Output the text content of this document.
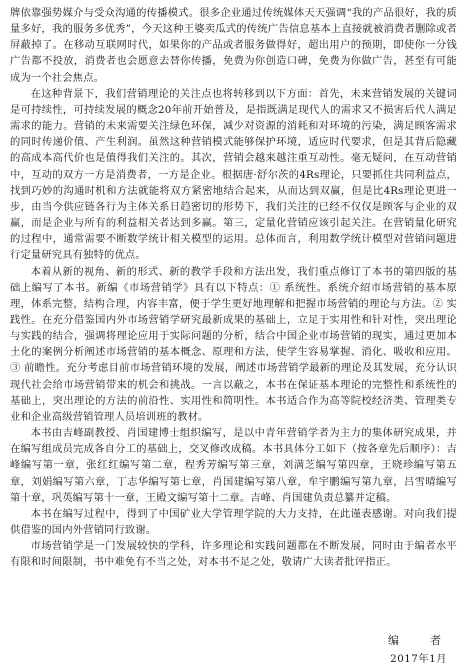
牌依靠强势媒介与受众沟通的传播模式。很多企业通过传统媒体天天强调“我的产品很好，我的质量多好，我的服务多优秀”，今天这种王婆卖瓜式的传统广告信息基本上直接就被消费者删除或者屏蔽掉了。在移动互联网时代，如果你的产品或者服务做得好，超出用户的预期，即使你一分钱广告都不投放，消费者也会愿意去替你传播，免费为你创造口碑，免费为你做广告，甚至有可能成为一个社会焦点。

在这种背景下，我们营销理论的关注点也将转移到以下方面：首先，未来营销发展的关键词是可持续性，可持续发展的概念20年前开始普及，是指既满足现代人的需求又不损害后代人满足需求的能力。营销的未来需要关注绿色环保，减少对资源的消耗和对环境的污染，满足顾客需求的同时传递价值、产生利润。虽然这种营销模式能够保护环境，适应时代要求，但是其背后隐藏的高成本高代价也是值得我们关注的。其次，营销会越来越注重互动性。毫无疑问，在互动营销中，互动的双方一方是消费者，一方是企业。根据唐·舒尔茨的4Rs理论，只要抓住共同利益点，找到巧妙的沟通时机和方法就能将双方紧密地结合起来，从而达到双赢，但是比4Rs理论更进一步，由当今供应链各行为主体关系日趋密切的形势下，我们关注的已经不仅仅是顾客与企业的双赢，而是企业与所有的利益相关者达到多赢。第三，定量化营销应该引起关注。在营销量化研究的过程中，通常需要不断数学统计相关模型的运用。总体而言，利用数学统计模型对营销问题进行定量研究具有独特的优点。

本着从新的视角、新的形式、新的教学手段和方法出发，我们重点修订了本书的第四版的基础上编写了本书。新编《市场营销学》具有以下特点：① 系统性。系统介绍市场营销的基本原理，体系完整，结构合理，内容丰富，便于学生更好地理解和把握市场营销的理论与方法。② 实践性。在充分借鉴国内外市场营销学研究最新成果的基础上，立足于实用性和针对性，突出理论与实践的结合，强调将理论应用于实际问题的分析，结合中国企业市场营销的现实，通过更加本土化的案例分析阐述市场营销的基本概念、原理和方法，使学生容易掌握、消化、吸收和应用。③ 前瞻性。充分考虑目前市场营销环境的发展，阐述市场营销学最新的理论及其发展，充分认识现代社会给市场营销带来的机会和挑战。一言以蔽之，本书在保证基本理论的完整性和系统性的基础上，突出理论的方法的前沿性、实用性和简明性。本书适合作为高等院校经济类、管理类专业和企业高级营销管理人员培训班的教材。

本书由吉峰副教授、肖国建博士组织编写，是以中青年营销学者为主力的集体研究成果，并在编写组成员完成各自分工的基础上，交叉修改成稿。本书具体分工如下（按各章先后顺序）：吉峰编写第一章，张红红编写第二章，程秀芳编写第三章，刘满芝编写第四章，王晓珍编写第五章，刘娟编写第六章，丁志华编写第七章，肖国建编写第八章，牟宇鹏编写第九章，吕雪晴编写第十章，巩英编写第十一章，王殿文编写第十二章。吉峰、肖国建负责总纂并定稿。

本书在编写过程中，得到了中国矿业大学管理学院的大力支持，在此谨表感谢。对向我们提供借鉴的国内外营销同行致谢。

市场营销学是一门发展较快的学科，许多理论和实践问题都在不断发展，同时由于编者水平有限和时间限制，书中难免有不当之处，对本书不足之处，敬请广大读者批评指正。

编　者
2017年1月
